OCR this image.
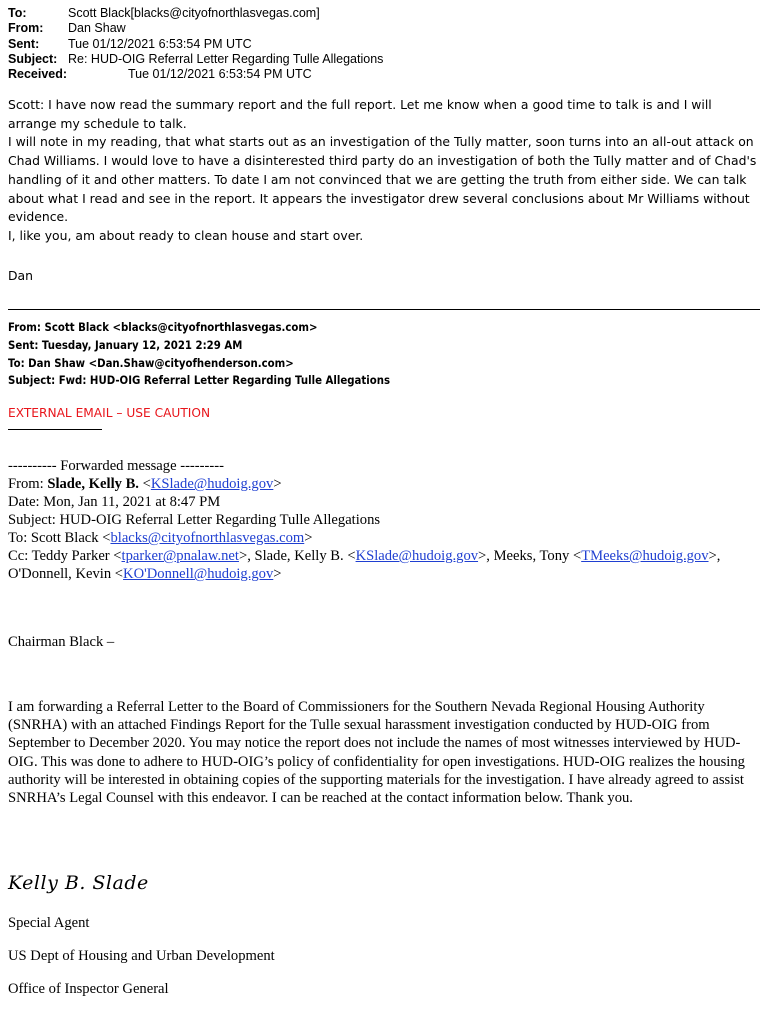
To:	Scott Black[blacks@cityofnorthlasvegas.com]
From:	Dan Shaw
Sent:	Tue 01/12/2021 6:53:54 PM UTC
Subject: Re: HUD-OIG Referral Letter Regarding Tulle Allegations
Received:	Tue 01/12/2021 6:53:54 PM UTC

Scott: I have now read the summary report and the full report. Let me know when a good time to talk is and I will arrange my schedule to talk.

I will note in my reading, that what starts out as an investigation of the Tully matter, soon turns into an all-out attack on Chad Williams. I would love to have a disinterested third party do an investigation of both the Tully matter and of Chad's handling of it and other matters. To date I am not convinced that we are getting the truth from either side. We can talk about what I read and see in the report. It appears the investigator drew several conclusions about Mr Williams without evidence.

I, like you, am about ready to clean house and start over.

Dan
From: Scott Black <blacks@cityofnorthlasvegas.com>
Sent: Tuesday, January 12, 2021 2:29 AM
To: Dan Shaw <Dan.Shaw@cityofhenderson.com>
Subject: Fwd: HUD-OIG Referral Letter Regarding Tulle Allegations
EXTERNAL EMAIL – USE CAUTION
---------- Forwarded message ---------
From: Slade, Kelly B. <KSlade@hudoig.gov>
Date: Mon, Jan 11, 2021 at 8:47 PM
Subject: HUD-OIG Referral Letter Regarding Tulle Allegations
To: Scott Black <blacks@cityofnorthlasvegas.com>
Cc: Teddy Parker <tparker@pnalaw.net>, Slade, Kelly B. <KSlade@hudoig.gov>, Meeks, Tony <TMeeks@hudoig.gov>,
O'Donnell, Kevin <KO'Donnell@hudoig.gov>
Chairman Black –
I am forwarding a Referral Letter to the Board of Commissioners for the Southern Nevada Regional Housing Authority (SNRHA) with an attached Findings Report for the Tulle sexual harassment investigation conducted by HUD-OIG from September to December 2020. You may notice the report does not include the names of most witnesses interviewed by HUD-OIG. This was done to adhere to HUD-OIG’s policy of confidentiality for open investigations. HUD-OIG realizes the housing authority will be interested in obtaining copies of the supporting materials for the investigation. I have already agreed to assist SNRHA’s Legal Counsel with this endeavor. I can be reached at the contact information below. Thank you.
Kelly B. Slade
Special Agent
US Dept of Housing and Urban Development
Office of Inspector General
